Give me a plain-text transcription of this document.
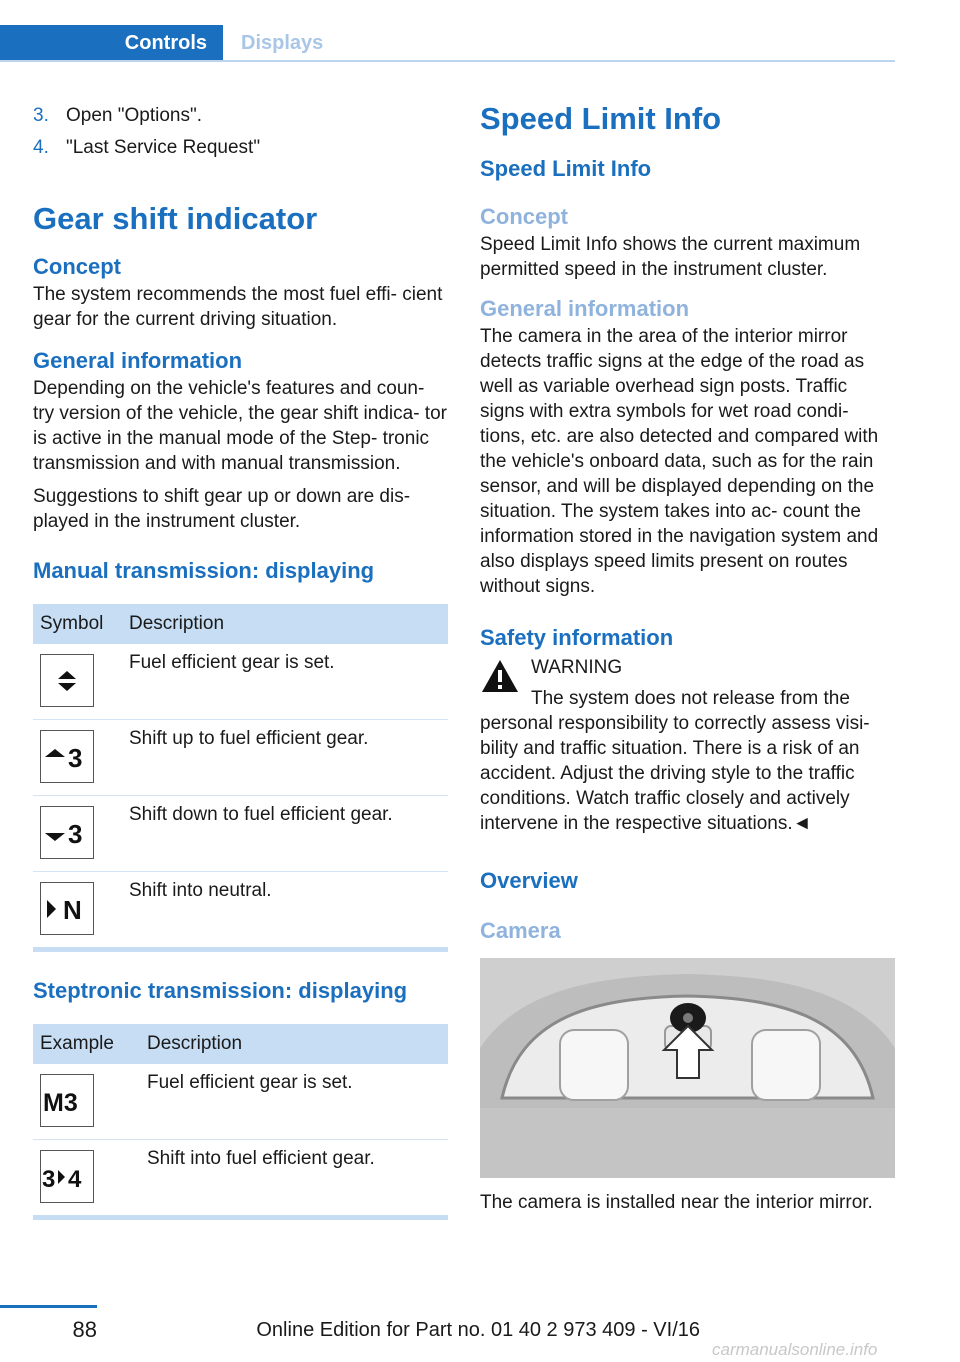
Controls	Displays
3. Open "Options".
4. "Last Service Request"
Gear shift indicator
Concept

The system recommends the most fuel effi- cient gear for the current driving situation.

General information

Depending on the vehicle's features and coun- try version of the vehicle, the gear shift indica- tor is active in the manual mode of the Step- tronic transmission and with manual transmission.

Suggestions to shift gear up or down are dis- played in the instrument cluster.

Manual transmission: displaying
Symbol	Description

	Fuel efficient gear is set.

3	Shift up to fuel efficient gear.

3	Shift down to fuel efficient gear.

N	Shift into neutral.
Steptronic transmission: displaying
Example	Description

M3	Fuel efficient gear is set.

3 4	Shift into fuel efficient gear.
Speed Limit Info
Speed Limit Info
Concept

Speed Limit Info shows the current maximum permitted speed in the instrument cluster.

General information

The camera in the area of the interior mirror detects traffic signs at the edge of the road as well as variable overhead sign posts. Traffic signs with extra symbols for wet road condi- tions, etc. are also detected and compared with the vehicle's onboard data, such as for the rain sensor, and will be displayed depending on the situation. The system takes into ac- count the information stored in the navigation system and also displays speed limits present on routes without signs.

Safety information
WARNING
The system does not release from the
personal responsibility to correctly assess visi- bility and traffic situation. There is a risk of an accident. Adjust the driving style to the traffic conditions. Watch traffic closely and actively intervene in the respective situations.◄
Overview
Camera

The camera is installed near the interior mirror.

88	Online Edition for Part no. 01 40 2 973 409 - VI/16
carmanualsonline.info
